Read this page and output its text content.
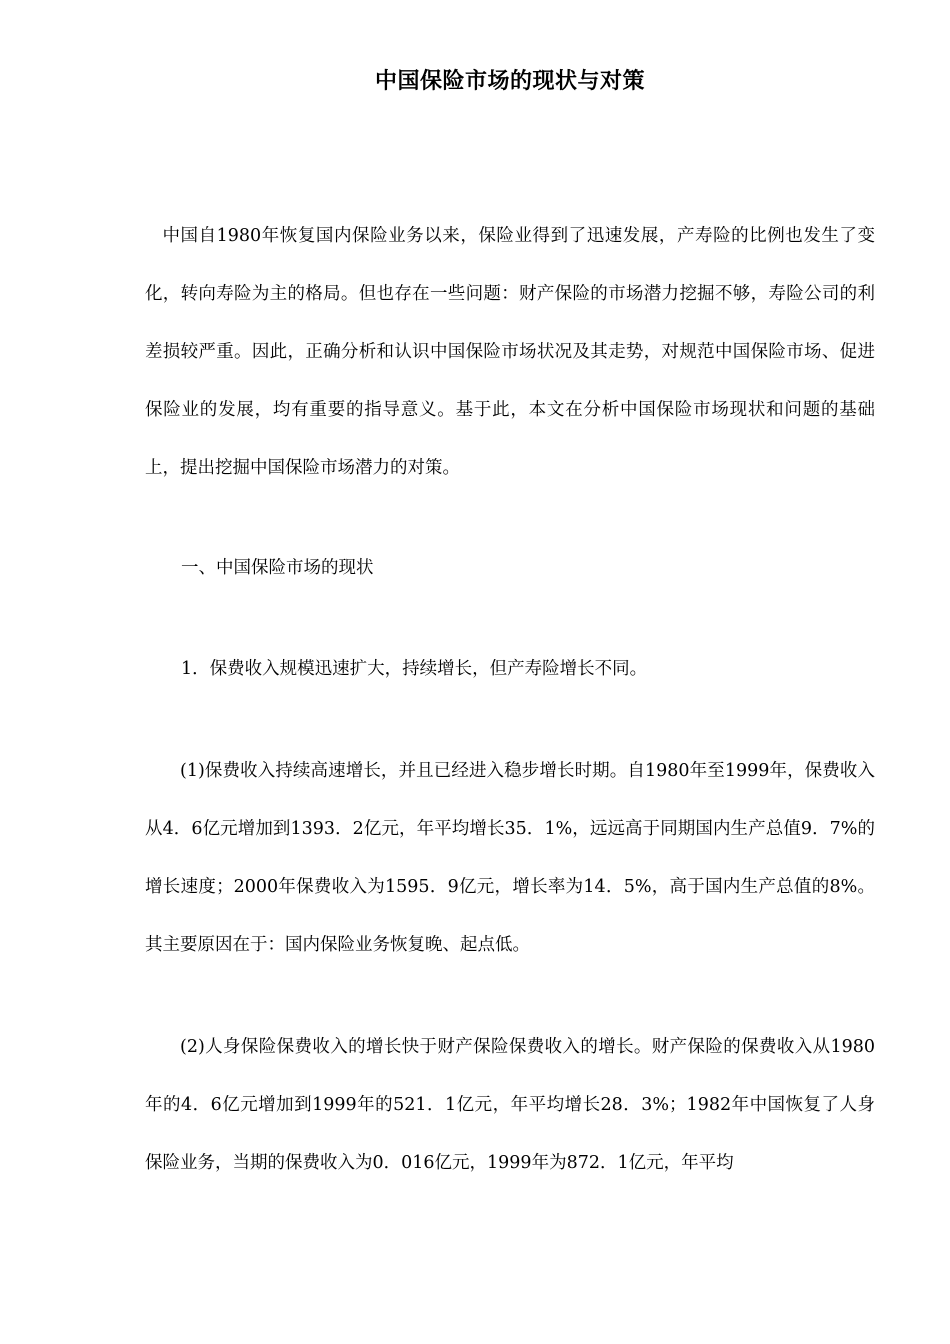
中国保险市场的现状与对策
中国自1980年恢复国内保险业务以来，保险业得到了迅速发展，产寿险的比例也发生了变化，转向寿险为主的格局。但也存在一些问题：财产保险的市场潜力挖掘不够，寿险公司的利差损较严重。因此，正确分析和认识中国保险市场状况及其走势，对规范中国保险市场、促进保险业的发展，均有重要的指导意义。基于此，本文在分析中国保险市场现状和问题的基础上，提出挖掘中国保险市场潜力的对策。
一、中国保险市场的现状
1．保费收入规模迅速扩大，持续增长，但产寿险增长不同。
(1)保费收入持续高速增长，并且已经进入稳步增长时期。自1980年至1999年，保费收入从4．6亿元增加到1393．2亿元，年平均增长35．1%，远远高于同期国内生产总值9．7%的增长速度；2000年保费收入为1595．9亿元，增长率为14．5%，高于国内生产总值的8%。其主要原因在于：国内保险业务恢复晚、起点低。
(2)人身保险保费收入的增长快于财产保险保费收入的增长。财产保险的保费收入从1980年的4．6亿元增加到1999年的521．1亿元，年平均增长28．3%；1982年中国恢复了人身保险业务，当期的保费收入为0．016亿元，1999年为872．1亿元，年平均
